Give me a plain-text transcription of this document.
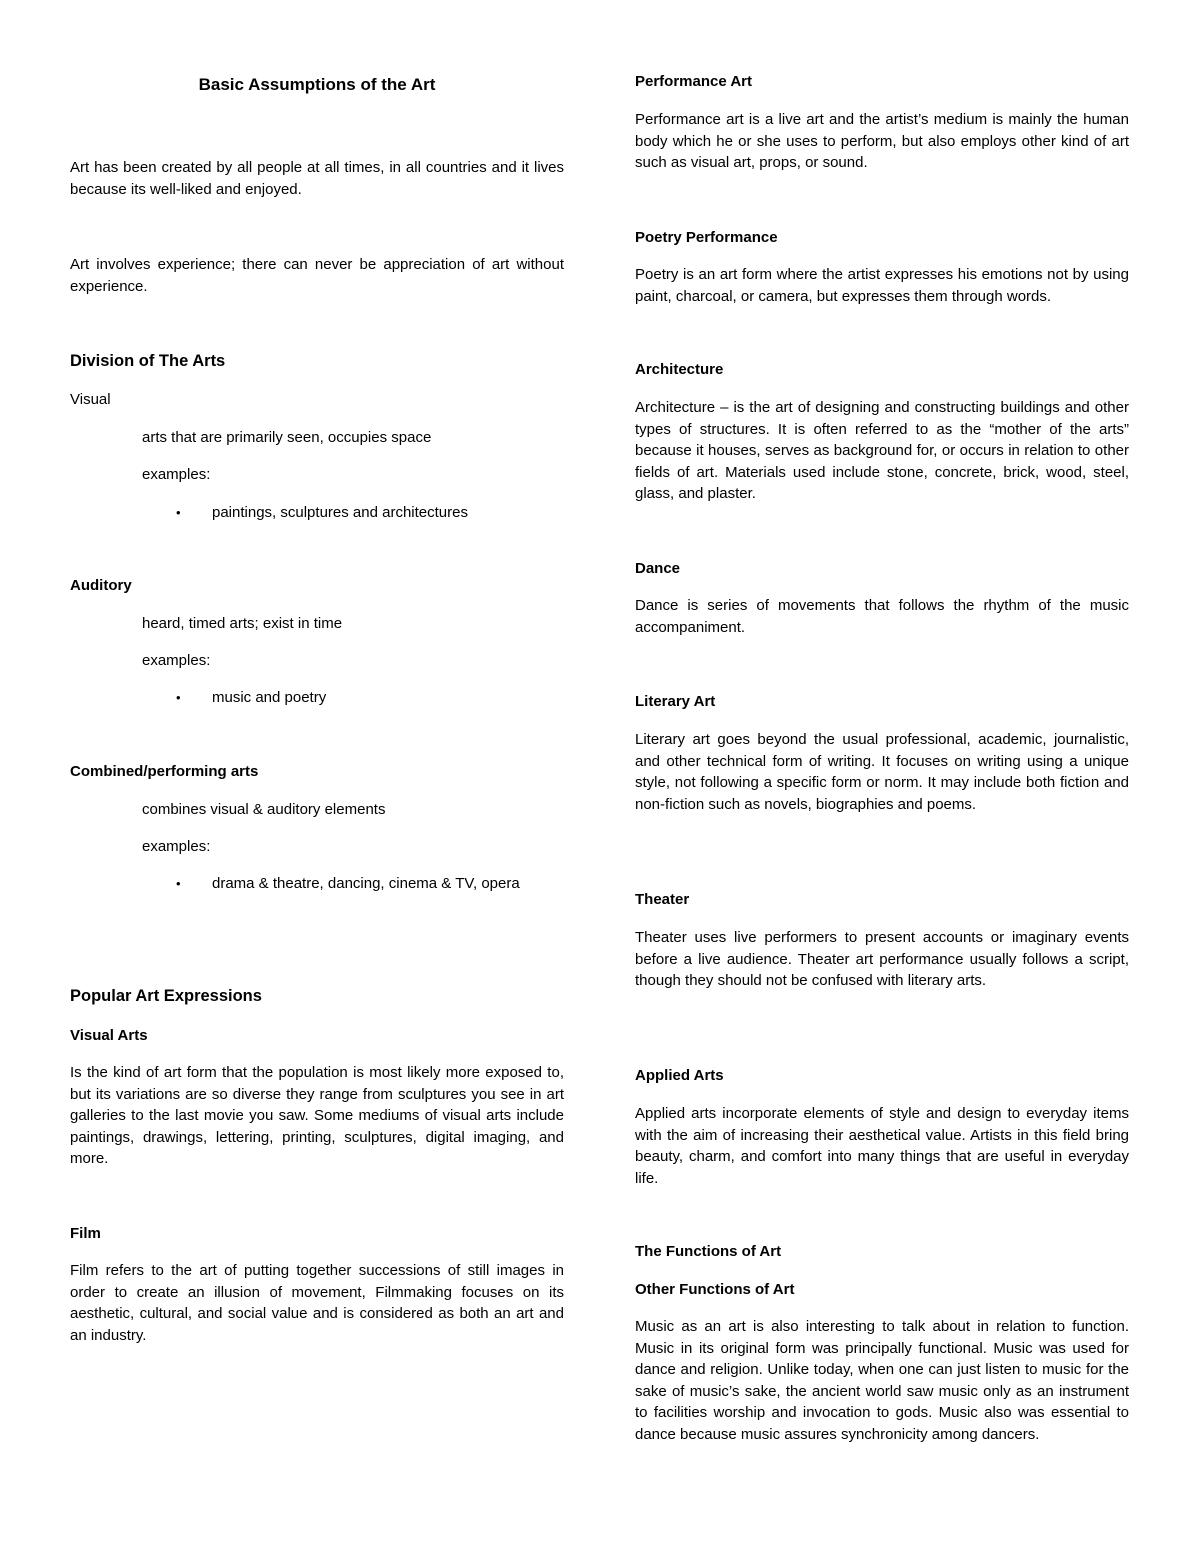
Basic Assumptions of the Art
Art has been created by all people at all times, in all countries and it lives because its well-liked and enjoyed.
Art involves experience; there can never be appreciation of art without experience.
Division of The Arts
Visual
arts that are primarily seen, occupies space
examples:
• paintings, sculptures and architectures
Auditory
heard, timed arts; exist in time
examples:
• music and poetry
Combined/performing arts
combines visual & auditory elements
examples:
• drama & theatre, dancing, cinema & TV, opera
Popular Art Expressions
Visual Arts
Is the kind of art form that the population is most likely more exposed to, but its variations are so diverse they range from sculptures you see in art galleries to the last movie you saw. Some mediums of visual arts include paintings, drawings, lettering, printing, sculptures, digital imaging, and more.
Film
Film refers to the art of putting together successions of still images in order to create an illusion of movement, Filmmaking focuses on its aesthetic, cultural, and social value and is considered as both an art and an industry.
Performance Art
Performance art is a live art and the artist’s medium is mainly the human body which he or she uses to perform, but also employs other kind of art such as visual art, props, or sound.
Poetry Performance
Poetry is an art form where the artist expresses his emotions not by using paint, charcoal, or camera, but expresses them through words.
Architecture
Architecture – is the art of designing and constructing buildings and other types of structures. It is often referred to as the “mother of the arts” because it houses, serves as background for, or occurs in relation to other fields of art. Materials used include stone, concrete, brick, wood, steel, glass, and plaster.
Dance
Dance is series of movements that follows the rhythm of the music accompaniment.
Literary Art
Literary art goes beyond the usual professional, academic, journalistic, and other technical form of writing. It focuses on writing using a unique style, not following a specific form or norm. It may include both fiction and non-fiction such as novels, biographies and poems.
Theater
Theater uses live performers to present accounts or imaginary events before a live audience. Theater art performance usually follows a script, though they should not be confused with literary arts.
Applied Arts
Applied arts incorporate elements of style and design to everyday items with the aim of increasing their aesthetical value. Artists in this field bring beauty, charm, and comfort into many things that are useful in everyday life.
The Functions of Art
Other Functions of Art
Music as an art is also interesting to talk about in relation to function. Music in its original form was principally functional. Music was used for dance and religion. Unlike today, when one can just listen to music for the sake of music’s sake, the ancient world saw music only as an instrument to facilities worship and invocation to gods. Music also was essential to dance because music assures synchronicity among dancers.
